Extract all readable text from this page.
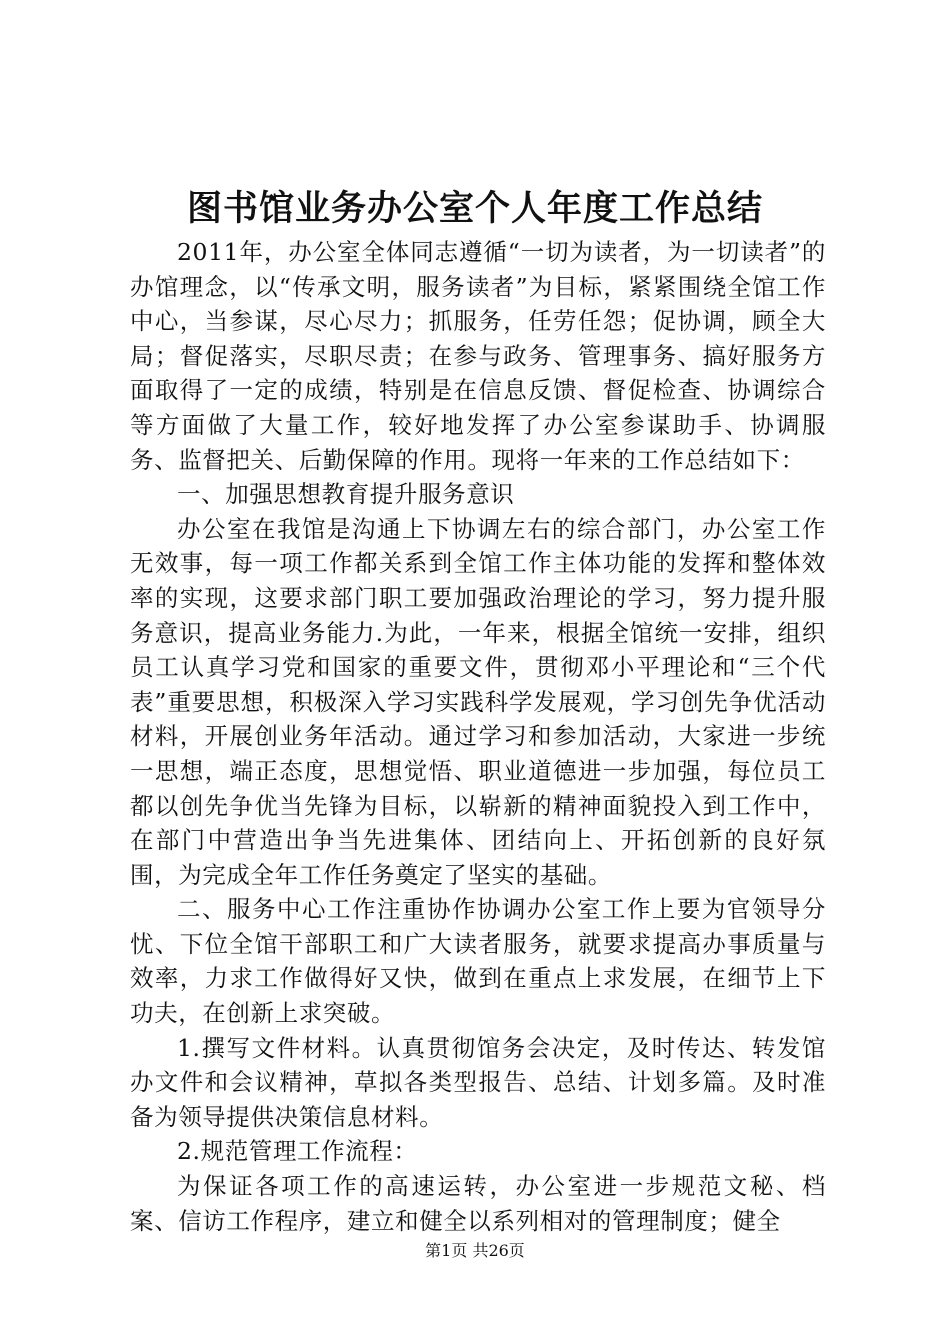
图书馆业务办公室个人年度工作总结

2011年，办公室全体同志遵循“一切为读者，为一切读者”的办馆理念，以“传承文明，服务读者”为目标，紧紧围绕全馆工作中心，当参谋，尽心尽力；抓服务，任劳任怨；促协调，顾全大局；督促落实，尽职尽责；在参与政务、管理事务、搞好服务方面取得了一定的成绩，特别是在信息反馈、督促检查、协调综合等方面做了大量工作，较好地发挥了办公室参谋助手、协调服务、监督把关、后勤保障的作用。现将一年来的工作总结如下：

一、加强思想教育提升服务意识

办公室在我馆是沟通上下协调左右的综合部门，办公室工作无效事，每一项工作都关系到全馆工作主体功能的发挥和整体效率的实现，这要求部门职工要加强政治理论的学习，努力提升服务意识，提高业务能力.为此，一年来，根据全馆统一安排，组织员工认真学习党和国家的重要文件，贯彻邓小平理论和“三个代表”重要思想，积极深入学习实践科学发展观，学习创先争优活动材料，开展创业务年活动。通过学习和参加活动，大家进一步统一思想，端正态度，思想觉悟、职业道德进一步加强，每位员工都以创先争优当先锋为目标，以崭新的精神面貌投入到工作中，在部门中营造出争当先进集体、团结向上、开拓创新的良好氛围，为完成全年工作任务奠定了坚实的基础。

二、服务中心工作注重协作协调办公室工作上要为官领导分忧、下位全馆干部职工和广大读者服务，就要求提高办事质量与效率，力求工作做得好又快，做到在重点上求发展，在细节上下功夫，在创新上求突破。

1.撰写文件材料。认真贯彻馆务会决定，及时传达、转发馆办文件和会议精神，草拟各类型报告、总结、计划多篇。及时准备为领导提供决策信息材料。

2.规范管理工作流程：

为保证各项工作的高速运转，办公室进一步规范文秘、档案、信访工作程序，建立和健全以系列相对的管理制度；健全

第1页 共26页
